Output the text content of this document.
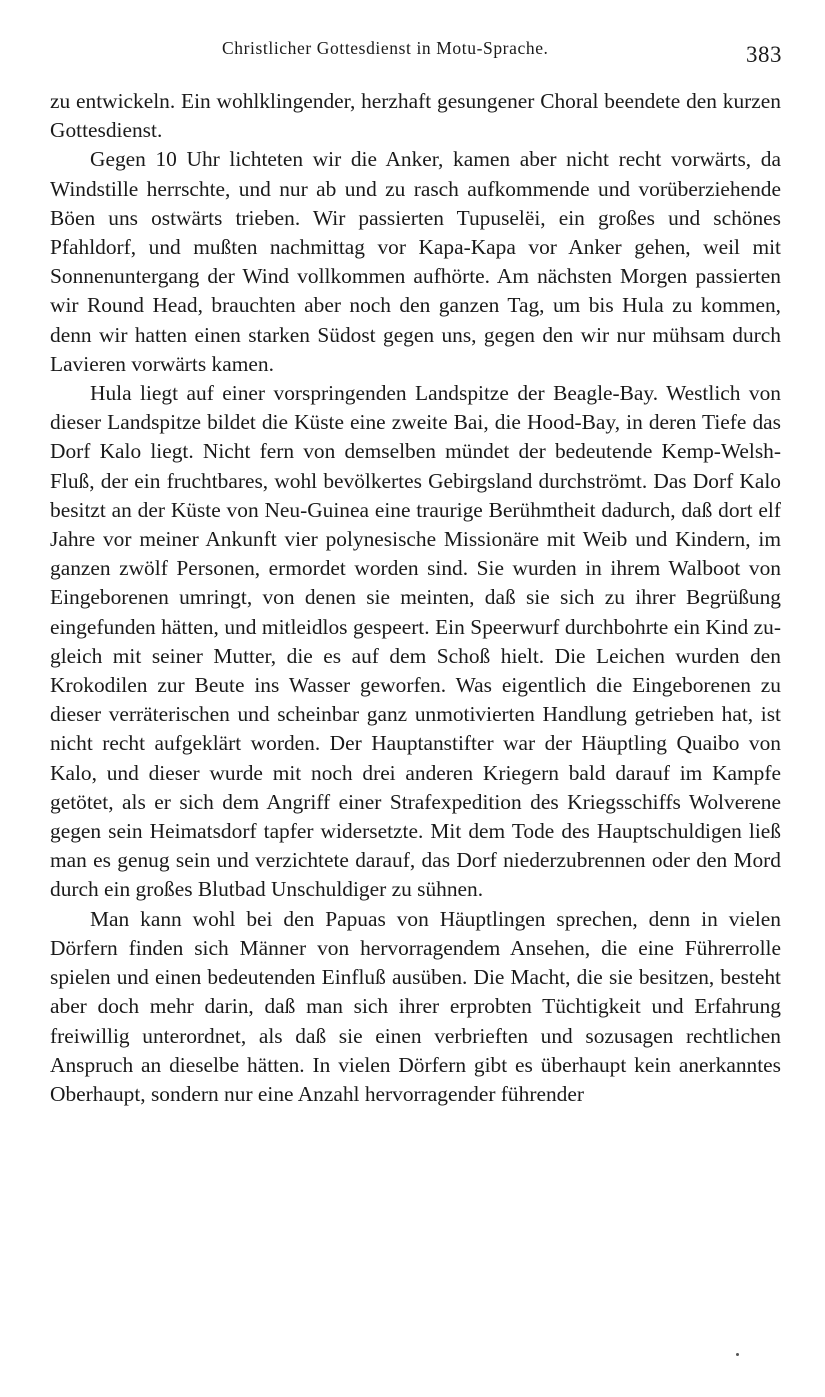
Christlicher Gottesdienst in Motu-Sprache.	383

zu entwickeln. Ein wohlklingender, herzhaft gesungener Choral beendete den kurzen Gottesdienst.

Gegen 10 Uhr lichteten wir die Anker, kamen aber nicht recht vorwärts, da Windstille herrschte, und nur ab und zu rasch aufkommende und vorüberziehende Böen uns ostwärts trieben. Wir passierten Tupuselëi, ein großes und schönes Pfahldorf, und mußten nachmittag vor Kapa-Kapa vor Anker gehen, weil mit Sonnenuntergang der Wind vollkommen aufhörte. Am nächsten Morgen passierten wir Round Head, brauchten aber noch den ganzen Tag, um bis Hula zu kommen, denn wir hatten einen starken Südost gegen uns, gegen den wir nur mühsam durch Lavieren vorwärts kamen.

Hula liegt auf einer vorspringenden Landspitze der Beagle-Bay. Westlich von dieser Landspitze bildet die Küste eine zweite Bai, die Hood-Bay, in deren Tiefe das Dorf Kalo liegt. Nicht fern von demselben mündet der bedeutende Kemp-Welsh-Fluß, der ein fruchtbares, wohl bevölkertes Gebirgsland durchströmt. Das Dorf Kalo besitzt an der Küste von Neu-Guinea eine traurige Berühmtheit dadurch, daß dort elf Jahre vor meiner Ankunft vier polynesische Missionäre mit Weib und Kindern, im ganzen zwölf Personen, ermordet worden sind. Sie wurden in ihrem Walboot von Eingeborenen umringt, von denen sie meinten, daß sie sich zu ihrer Begrüßung eingefunden hätten, und mitleidlos gespeert. Ein Speerwurf durchbohrte ein Kind zugleich mit seiner Mutter, die es auf dem Schoß hielt. Die Leichen wurden den Krokodilen zur Beute ins Wasser geworfen. Was eigentlich die Eingeborenen zu dieser verräterischen und scheinbar ganz unmotivierten Handlung getrieben hat, ist nicht recht aufgeklärt worden. Der Hauptanstifter war der Häuptling Quaibo von Kalo, und dieser wurde mit noch drei anderen Kriegern bald darauf im Kampfe getötet, als er sich dem Angriff einer Strafexpedition des Kriegsschiffs Wolverene gegen sein Heimatsdorf tapfer widersetzte. Mit dem Tode des Hauptschuldigen ließ man es genug sein und verzichtete darauf, das Dorf niederzubrennen oder den Mord durch ein großes Blutbad Unschuldiger zu sühnen.

Man kann wohl bei den Papuas von Häuptlingen sprechen, denn in vielen Dörfern finden sich Männer von hervorragendem Ansehen, die eine Führerrolle spielen und einen bedeutenden Einfluß ausüben. Die Macht, die sie besitzen, besteht aber doch mehr darin, daß man sich ihrer erprobten Tüchtigkeit und Erfahrung freiwillig unterordnet, als daß sie einen verbrieften und sozusagen rechtlichen Anspruch an dieselbe hätten. In vielen Dörfern gibt es überhaupt kein anerkanntes Oberhaupt, sondern nur eine Anzahl hervorragender führender
